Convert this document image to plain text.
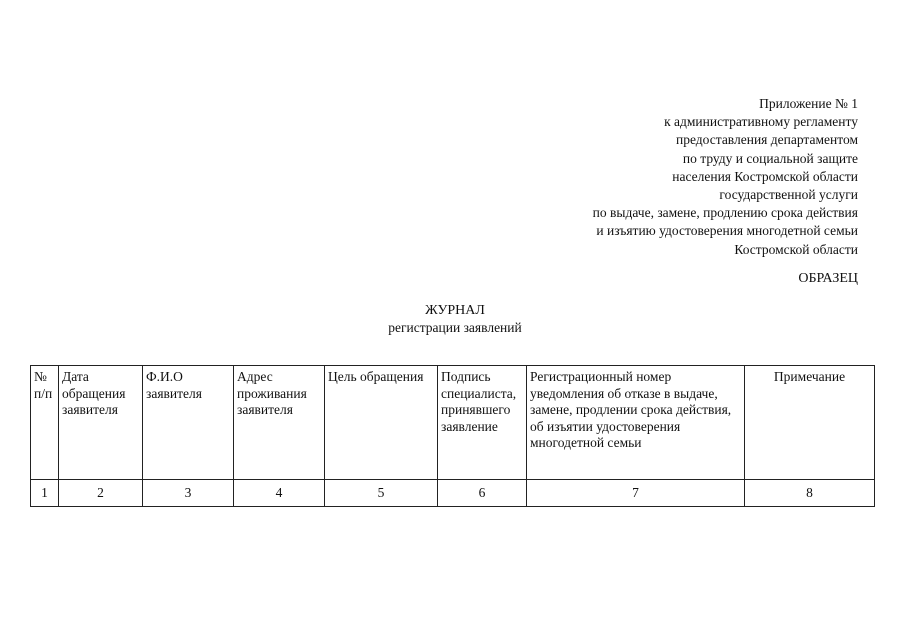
Приложение № 1
к административному регламенту
предоставления департаментом
по труду и социальной защите
населения Костромской области
государственной услуги
по выдаче, замене, продлению срока действия
и изъятию удостоверения многодетной семьи
Костромской области
ОБРАЗЕЦ
ЖУРНАЛ
регистрации заявлений
№ п/п	Дата обращения заявителя	Ф.И.О заявителя	Адрес проживания заявителя	Цель обращения	Подпись специалиста, принявшего заявление	Регистрационный номер уведомления об отказе в выдаче, замене, продлении срока действия, об изъятии удостоверения многодетной семьи	Примечание
1	2	3	4	5	6	7	8
